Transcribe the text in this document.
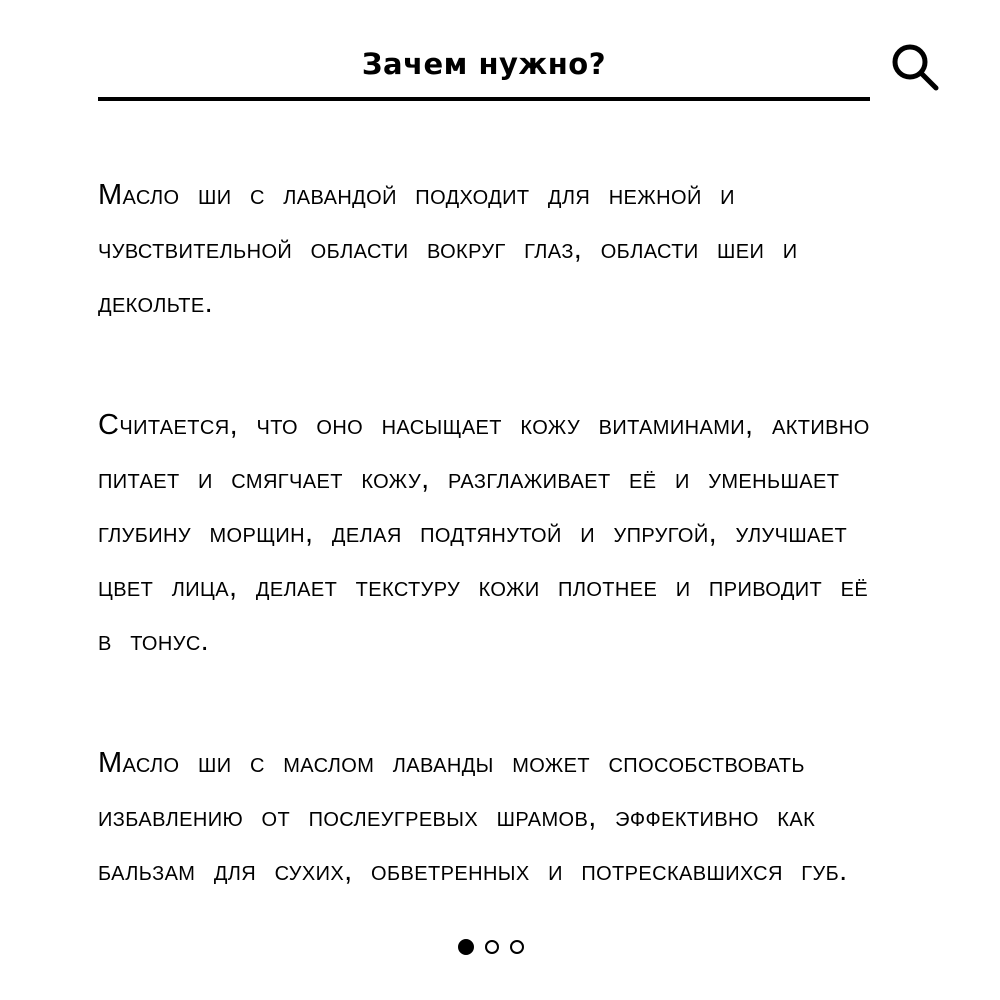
Зачем нужно?

Масло ши с лавандой подходит для нежной и чувствительной области вокруг глаз, области шеи и декольте.

Считается, что оно насыщает кожу витаминами, активно питает и смягчает кожу, разглаживает её и уменьшает глубину морщин, делая подтянутой и упругой, улучшает цвет лица, делает текстуру кожи плотнее и приводит её в тонус.

Масло ши с маслом лаванды может способствовать избавлению от послеугревых шрамов, эффективно как бальзам для сухих, обветренных и потрескавшихся губ.
